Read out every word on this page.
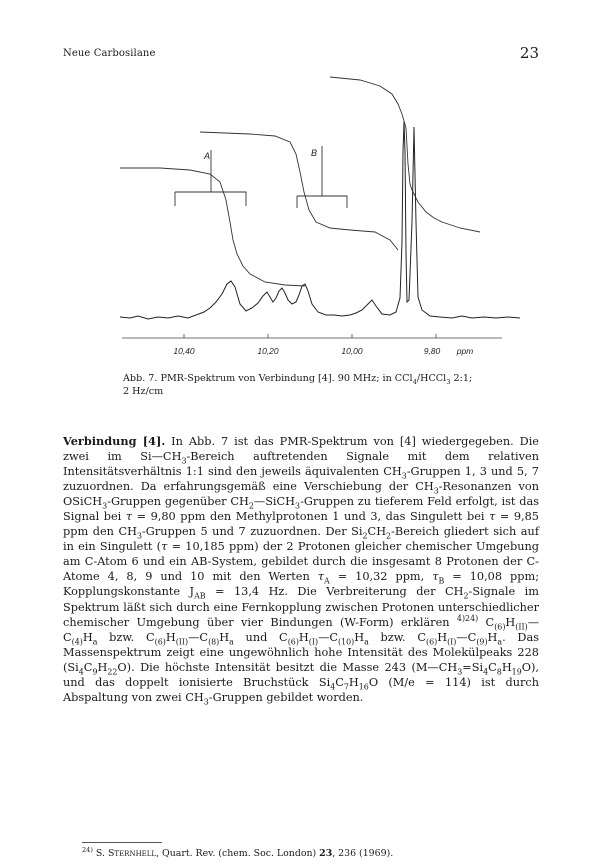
Neue Carbosilane	23
A	B
10,40	10,20	10,00	9,80 ppm
Abb. 7. PMR-Spektrum von Verbindung [4]. 90 MHz; in CCl$_4$/HCCl$_3$ 2:1;
2 Hz/cm
Verbindung [4]. In Abb. 7 ist das PMR-Spektrum von [4] wiedergegeben. Die zwei im $Si—CH_3$-Bereich auftretenden Signale mit dem relativen Intensitätsverhältnis 1:1 sind den jeweils äquivalenten $CH_3$-Gruppen 1, 3 und 5, 7 zuzuordnen. Da erfahrungsgemäß eine Verschiebung der $CH_3$-Resonanzen von OSiCH$_3$-Gruppen gegenüber $CH_2—SiCH_3$-Gruppen zu tieferem Feld erfolgt, ist das Signal bei τ = 9,80 ppm den Methylprotonen 1 und 3, das Singulett bei τ = 9,85 ppm den $CH_3$-Gruppen 5 und 7 zuzuordnen. Der $Si_2CH_2$-Bereich gliedert sich auf in ein Singulett (τ = 10,185 ppm) der 2 Protonen gleicher chemischer Umgebung am C-Atom 6 und ein AB-System, gebildet durch die insgesamt 8 Protonen der C-Atome 4, 8, 9 und 10 mit den Werten $\tau_A = 10,32$ ppm, $\tau_B = 10,08$ ppm; Kopplungskonstante $J_{AB} = 13,4$ Hz. Die Verbreiterung der $CH_2$-Signale im Spektrum läßt sich durch eine Fernkopplung zwischen Protonen unterschiedlicher chemischer Umgebung über vier Bindungen (W-Form) erklären $^{4)24)}$ $C_{(6)}H_{(II)}—C_{(4)}H_a$ bzw. $C_{(6)}H_{(II)}—C_{(8)}H_a$ und $C_{(6)}H_{(I)}—C_{(10)}H_a$ bzw. $C_{(6)}H_{(I)}—C_{(9)}H_a$. Das Massenspektrum zeigt eine ungewöhnlich hohe Intensität des Molekülpeaks 228 $(Si_4C_9H_{22}O)$. Die höchste Intensität besitzt die Masse 243 $(M—CH_3=Si_4C_8H_{19}O)$, und das doppelt ionisierte Bruchstück $Si_4C_7H_{16}O$ (M/e = 114) ist durch Abspaltung von zwei $CH_3$-Gruppen gebildet worden.
$^{24)}$ S. Sternhell, Quart. Rev. (chem. Soc. London) 23, 236 (1969).
